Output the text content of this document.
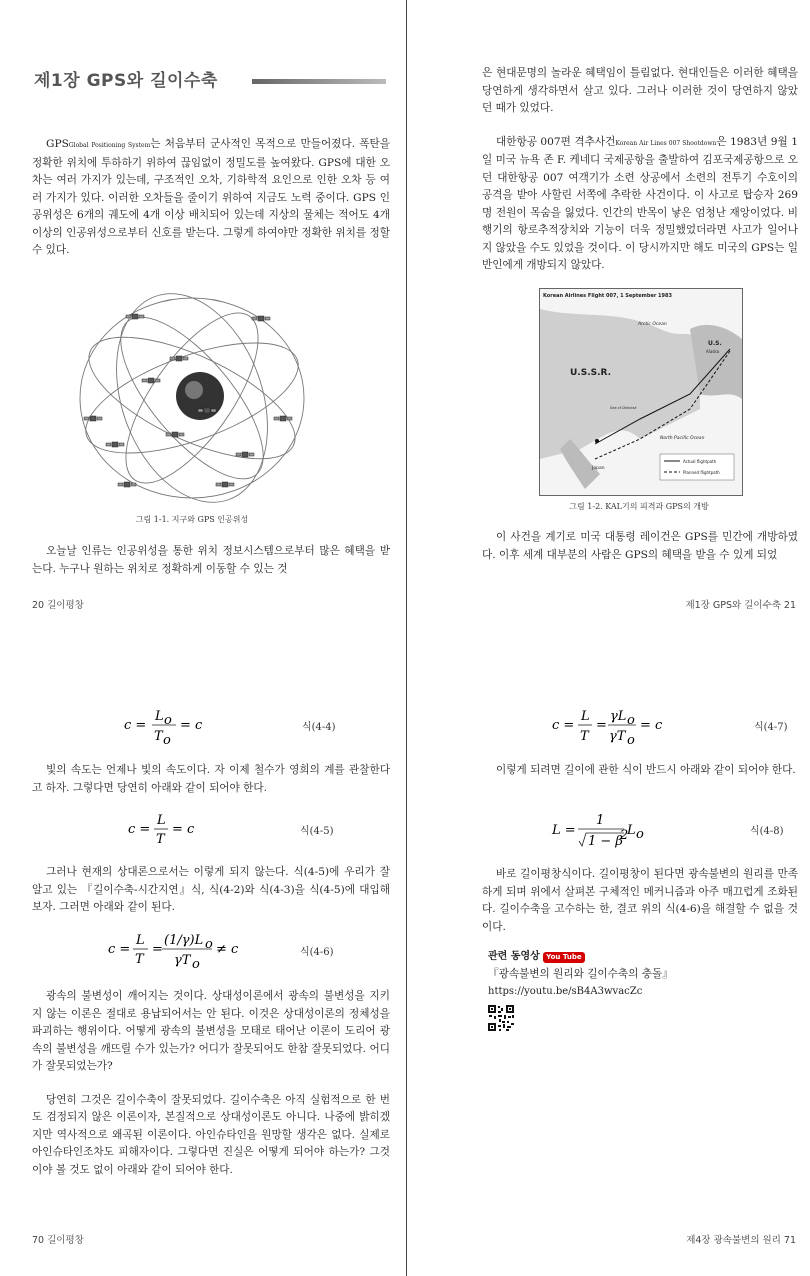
제1장 GPS와 길이수축

GPSGlobal Positioning System는 처음부터 군사적인 목적으로 만들어졌다. 폭탄을 정확한 위치에 투하하기 위하여 끊임없이 정밀도를 높여왔다. GPS에 대한 오차는 여러 가지가 있는데, 구조적인 오차, 기하학적 요인으로 인한 오차 등 여러 가지가 있다. 이러한 오차들을 줄이기 위하여 지금도 노력 중이다. GPS 인공위성은 6개의 궤도에 4개 이상 배치되어 있는데 지상의 물체는 적어도 4개 이상의 인공위성으로부터 신호를 받는다. 그렇게 하여야만 정확한 위치를 정할 수 있다.

그림 1-1. 지구와 GPS 인공위성

오늘날 인류는 인공위성을 통한 위치 정보시스템으로부터 많은 혜택을 받는다. 누구나 원하는 위치로 정확하게 이동할 수 있는 것

20 길이평창

은 현대문명의 놀라운 혜택임이 틀림없다. 현대인들은 이러한 혜택을 당연하게 생각하면서 살고 있다. 그러나 이러한 것이 당연하지 않았던 때가 있었다.

대한항공 007편 격추사건Korean Air Lines 007 Shootdown은 1983년 9월 1일 미국 뉴욕 존 F. 케네디 국제공항을 출발하여 김포국제공항으로 오던 대한항공 007 여객기가 소련 상공에서 소련의 전투기 수호이의 공격을 받아 사할린 서쪽에 추락한 사건이다. 이 사고로 탑승자 269명 전원이 목숨을 잃었다. 인간의 반목이 낳은 엄청난 재앙이었다. 비행기의 항로추적장치와 기능이 더욱 정밀했었더라면 사고가 일어나지 않았을 수도 있었을 것이다. 이 당시까지만 해도 미국의 GPS는 일반인에게 개방되지 않았다.

Korean Airlines Flight 007, 1 September 1983
U.S.S.R.
U.S.
Alaska
Arctic Ocean
North Pacific Ocean
Japan
Sea of Okhotsk
Actual flightpath
Planned flightpath
그림 1-2. KAL기의 피격과 GPS의 개방

이 사건을 계기로 미국 대통령 레이건은 GPS를 민간에 개방하였다. 이후 세계 대부분의 사람은 GPS의 혜택을 받을 수 있게 되었

제1장 GPS와 길이수축 21
c =
L o
T o
= c	식(4-4)

빛의 속도는 언제나 빛의 속도이다. 자 이제 철수가 영희의 계를 관찰한다고 하자. 그렇다면 당연히 아래와 같이 되어야 한다.

c =
L
T
= c	식(4-5)

그러나 현재의 상대론으로서는 이렇게 되지 않는다. 식(4-5)에 우리가 잘 알고 있는 『길이수축-시간지연』식, 식(4-2)와 식(4-3)을 식(4-5)에 대입해보자. 그러면 아래와 같이 된다.

c =
L
T
=
(1/γ)L o
γT o
≠ c	식(4-6)

광속의 불변성이 깨어지는 것이다. 상대성이론에서 광속의 불변성을 지키지 않는 이론은 절대로 용납되어서는 안 된다. 이것은 상대성이론의 정체성을 파괴하는 행위이다. 어떻게 광속의 불변성을 모태로 태어난 이론이 도리어 광속의 불변성을 깨뜨릴 수가 있는가? 어디가 잘못되어도 한참 잘못되었다. 어디가 잘못되었는가?

당연히 그것은 길이수축이 잘못되었다. 길이수축은 아직 실험적으로 한 번도 검정되지 않은 이론이자, 본질적으로 상대성이론도 아니다. 나중에 밝히겠지만 역사적으로 왜곡된 이론이다. 아인슈타인을 원망할 생각은 없다. 실제로 아인슈타인조차도 피해자이다. 그렇다면 진실은 어떻게 되어야 하는가? 그것이야 볼 것도 없이 아래와 같이 되어야 한다.

70 길이평창
c =
L
T
=
γL o
γT o
= c	식(4-7)

이렇게 되려면 길이에 관한 식이 반드시 아래와 같이 되어야 한다.

L =
1
1 − β
2
L o	식(4-8)

바로 길이평창식이다. 길이평창이 된다면 광속불변의 원리를 만족하게 되며 위에서 살펴본 구체적인 메커니즘과 아주 매끄럽게 조화된다. 길이수축을 고수하는 한, 결코 위의 식(4-6)을 해결할 수 없을 것이다.

관련 동영상 You Tube
『광속불변의 원리와 길이수축의 충돌』
https://youtu.be/sB4A3wvacZc
제4장 광속불변의 원리 71
